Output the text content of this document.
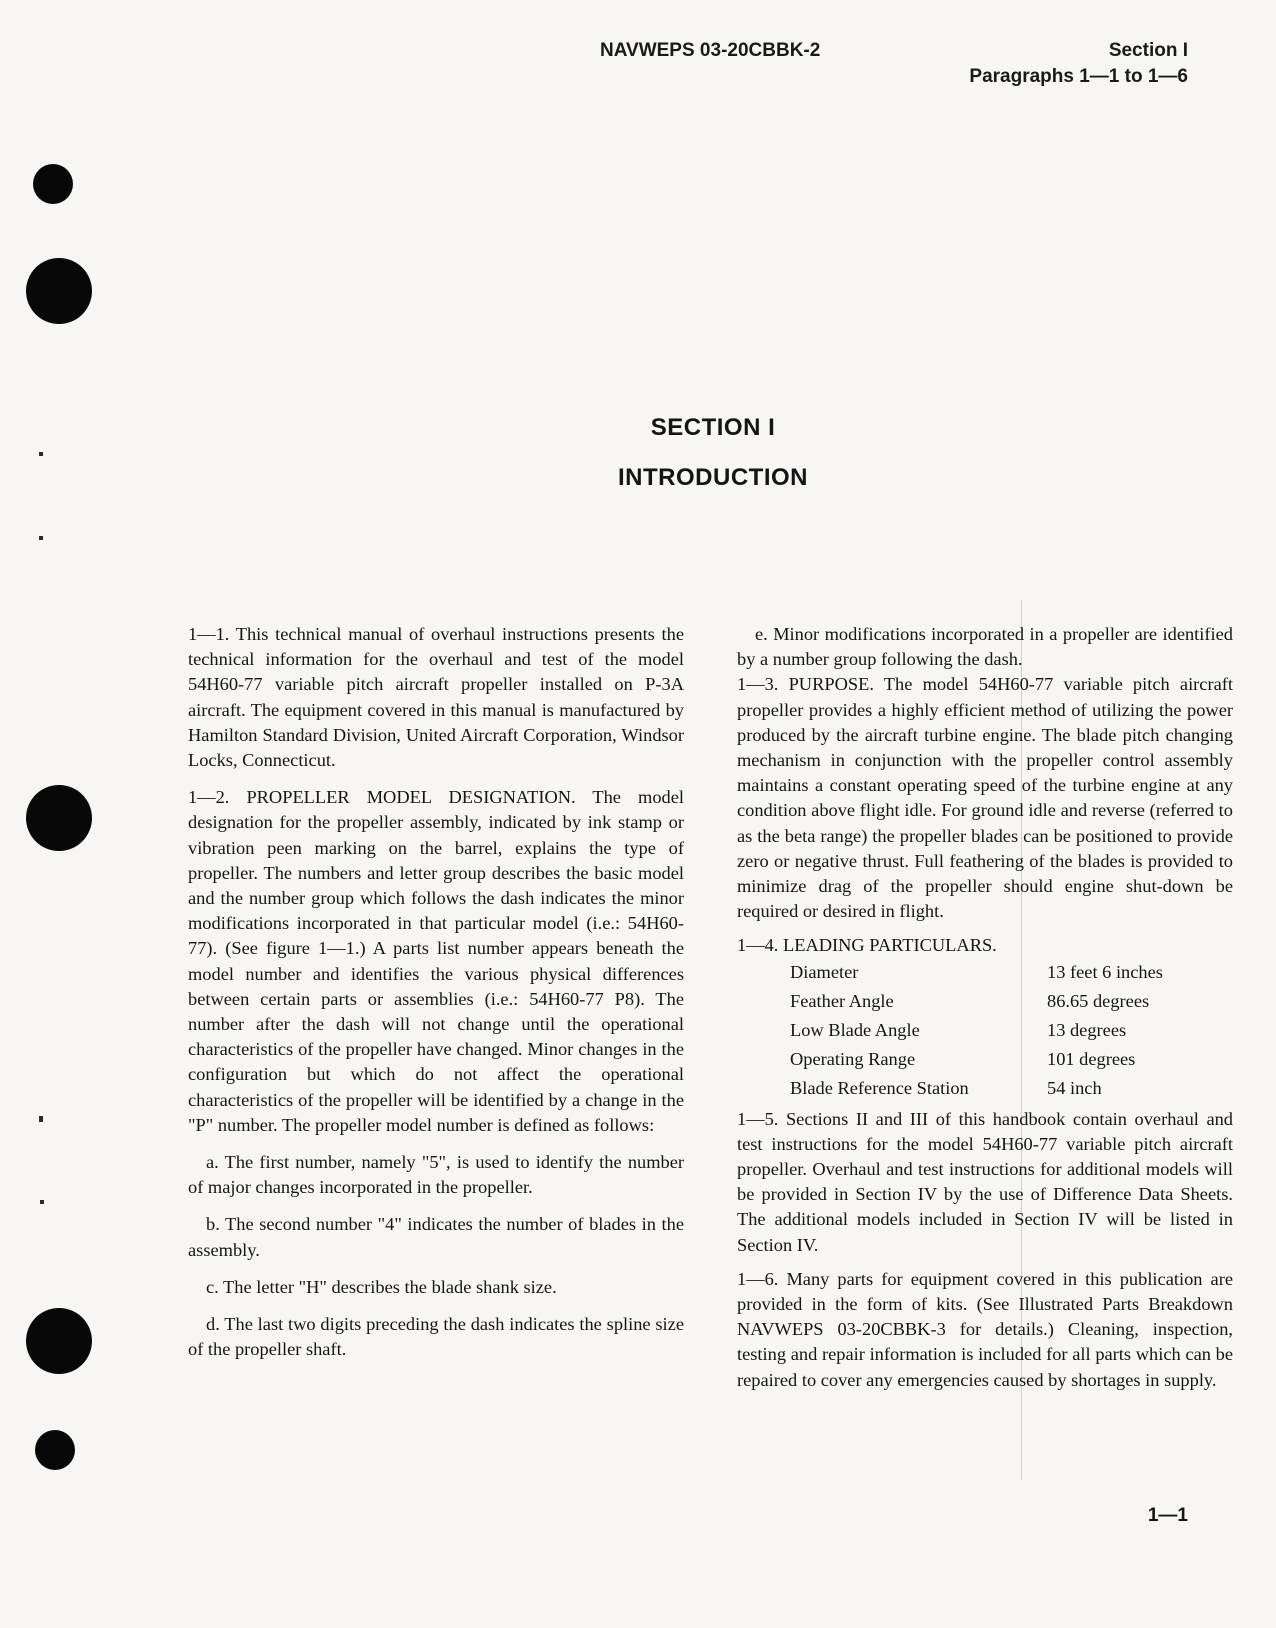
NAVWEPS 03-20CBBK-2	Section I
Paragraphs 1—1 to 1—6
SECTION I
INTRODUCTION

1—1. This technical manual of overhaul instructions presents the technical information for the overhaul and test of the model 54H60-77 variable pitch aircraft propeller installed on P-3A aircraft. The equipment covered in this manual is manufactured by Hamilton Standard Division, United Aircraft Corporation, Windsor Locks, Connecticut.

1—2. PROPELLER MODEL DESIGNATION. The model designation for the propeller assembly, indicated by ink stamp or vibration peen marking on the barrel, explains the type of propeller. The numbers and letter group describes the basic model and the number group which follows the dash indicates the minor modifications incorporated in that particular model (i.e.: 54H60-77). (See figure 1—1.) A parts list number appears beneath the model number and identifies the various physical differences between certain parts or assemblies (i.e.: 54H60-77 P8). The number after the dash will not change until the operational characteristics of the propeller have changed. Minor changes in the configuration but which do not affect the operational characteristics of the propeller will be identified by a change in the "P" number. The propeller model number is defined as follows:

a. The first number, namely "5", is used to identify the number of major changes incorporated in the propeller.

b. The second number "4" indicates the number of blades in the assembly.

c. The letter "H" describes the blade shank size.

d. The last two digits preceding the dash indicates the spline size of the propeller shaft.

e. Minor modifications incorporated in a propeller are identified by a number group following the dash.

1—3. PURPOSE. The model 54H60-77 variable pitch aircraft propeller provides a highly efficient method of utilizing the power produced by the aircraft turbine engine. The blade pitch changing mechanism in conjunction with the propeller control assembly maintains a constant operating speed of the turbine engine at any condition above flight idle. For ground idle and reverse (referred to as the beta range) the propeller blades can be positioned to provide zero or negative thrust. Full feathering of the blades is provided to minimize drag of the propeller should engine shut-down be required or desired in flight.

1—4. LEADING PARTICULARS.

Diameter	13 feet 6 inches
Feather Angle	86.65 degrees
Low Blade Angle	13 degrees
Operating Range	101 degrees
Blade Reference Station	54 inch

1—5. Sections II and III of this handbook contain overhaul and test instructions for the model 54H60-77 variable pitch aircraft propeller. Overhaul and test instructions for additional models will be provided in Section IV by the use of Difference Data Sheets. The additional models included in Section IV will be listed in Section IV.

1—6. Many parts for equipment covered in this publication are provided in the form of kits. (See Illustrated Parts Breakdown NAVWEPS 03-20CBBK-3 for details.) Cleaning, inspection, testing and repair information is included for all parts which can be repaired to cover any emergencies caused by shortages in supply.

1—1
